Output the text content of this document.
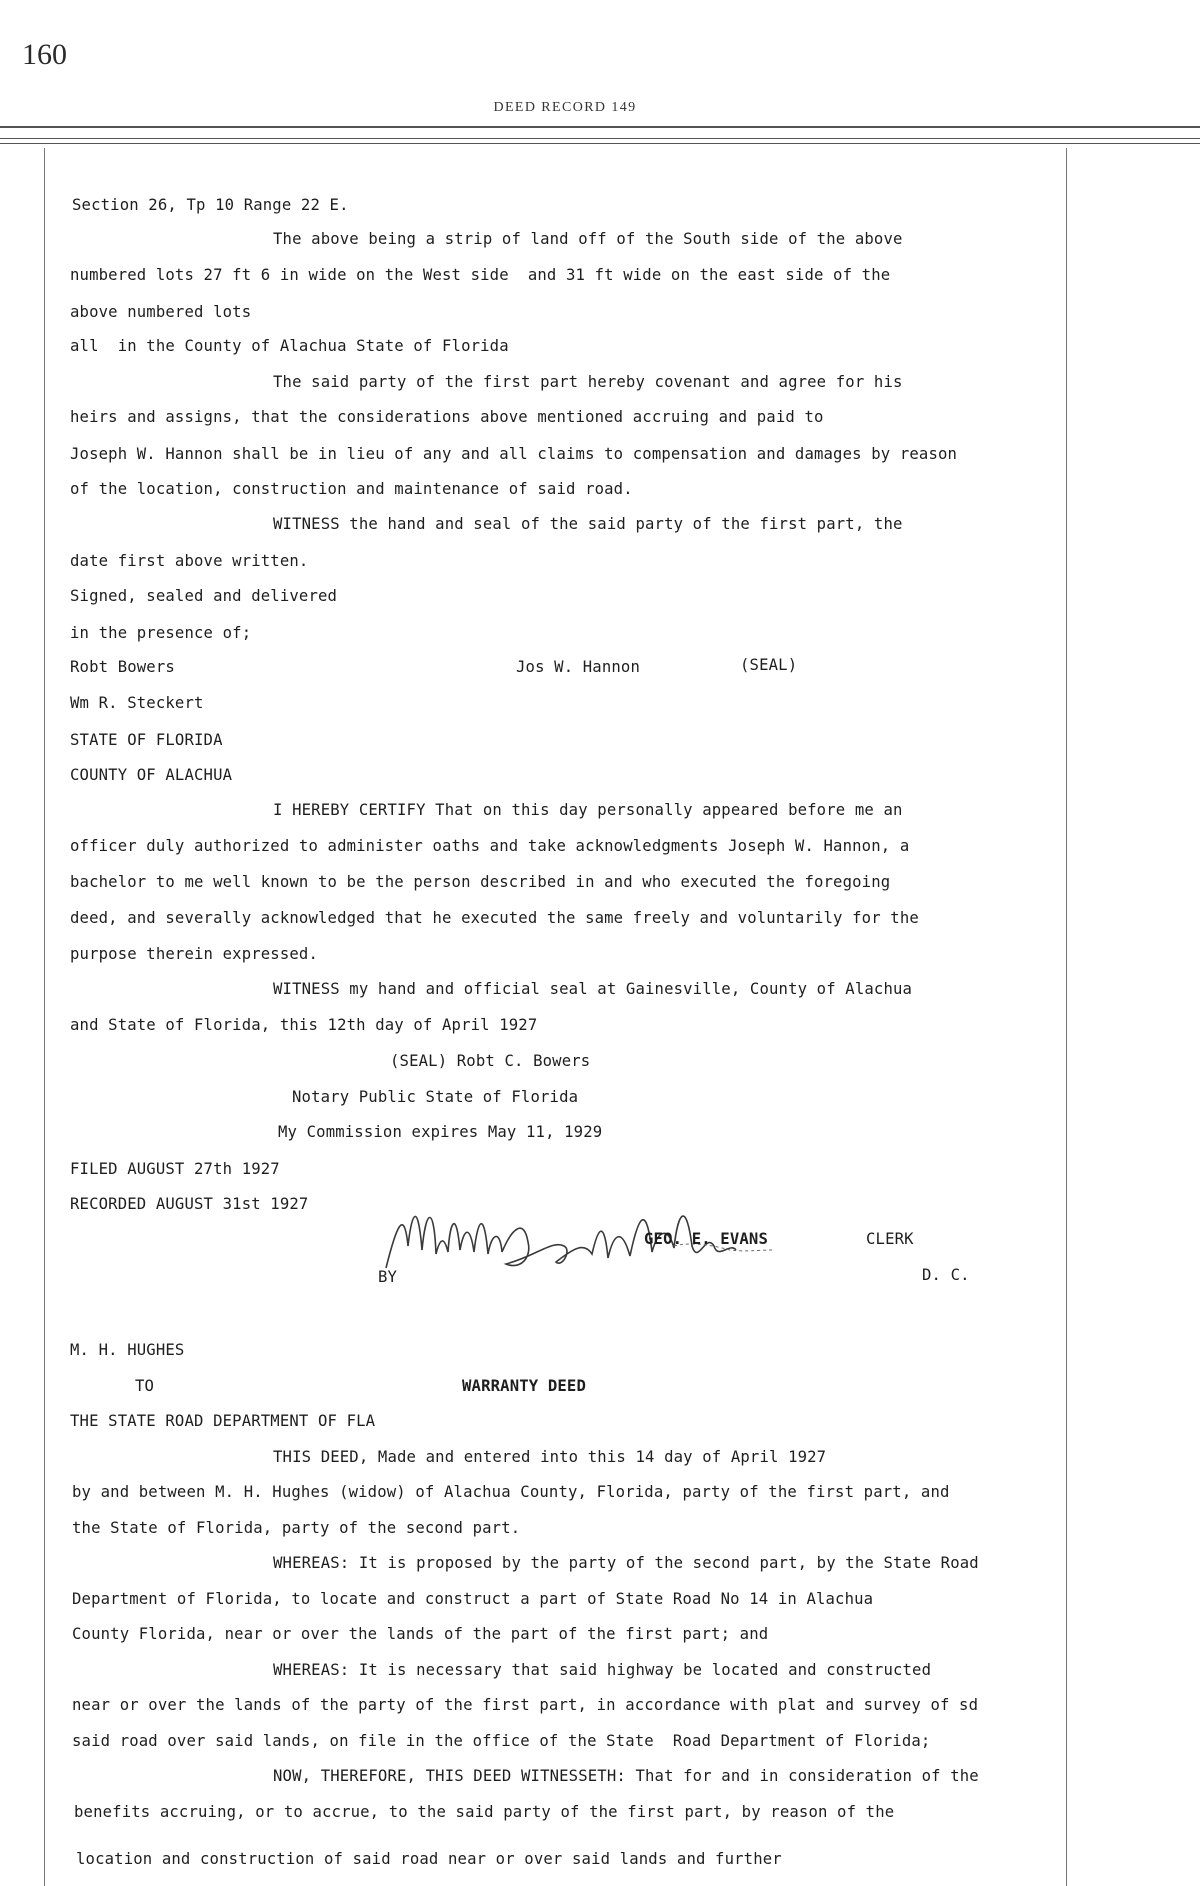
160
DEED RECORD 149
Section 26, Tp 10 Range 22 E.
The above being a strip of land off of the South side of the above
numbered lots 27 ft 6 in wide on the West side  and 31 ft wide on the east side of the
above numbered lots
all  in the County of Alachua State of Florida
The said party of the first part hereby covenant and agree for his
heirs and assigns, that the considerations above mentioned accruing and paid to
Joseph W. Hannon shall be in lieu of any and all claims to compensation and damages by reason
of the location, construction and maintenance of said road.
WITNESS the hand and seal of the said party of the first part, the
date first above written.
Signed, sealed and delivered
in the presence of;
Robt Bowers	Jos W. Hannon	(SEAL)
Wm R. Steckert
STATE OF FLORIDA
COUNTY OF ALACHUA
I HEREBY CERTIFY That on this day personally appeared before me an
officer duly authorized to administer oaths and take acknowledgments Joseph W. Hannon, a
bachelor to me well known to be the person described in and who executed the foregoing
deed, and severally acknowledged that he executed the same freely and voluntarily for the
purpose therein expressed.
WITNESS my hand and official seal at Gainesville, County of Alachua
and State of Florida, this 12th day of April 1927
(SEAL) Robt C. Bowers
Notary Public State of Florida
My Commission expires May 11, 1929
FILED AUGUST 27th 1927
RECORDED AUGUST 31st 1927
GEO. E. EVANS	CLERK
BY	D. C.
M. H. HUGHES
TO	WARRANTY DEED
THE STATE ROAD DEPARTMENT OF FLA
THIS DEED, Made and entered into this 14 day of April 1927
by and between M. H. Hughes (widow) of Alachua County, Florida, party of the first part, and
the State of Florida, party of the second part.
WHEREAS: It is proposed by the party of the second part, by the State Road
Department of Florida, to locate and construct a part of State Road No 14 in Alachua
County Florida, near or over the lands of the part of the first part; and
WHEREAS: It is necessary that said highway be located and constructed
near or over the lands of the party of the first part, in accordance with plat and survey of sd
said road over said lands, on file in the office of the State  Road Department of Florida;
NOW, THEREFORE, THIS DEED WITNESSETH: That for and in consideration of the
benefits accruing, or to accrue, to the said party of the first part, by reason of the
location and construction of said road near or over said lands and further
